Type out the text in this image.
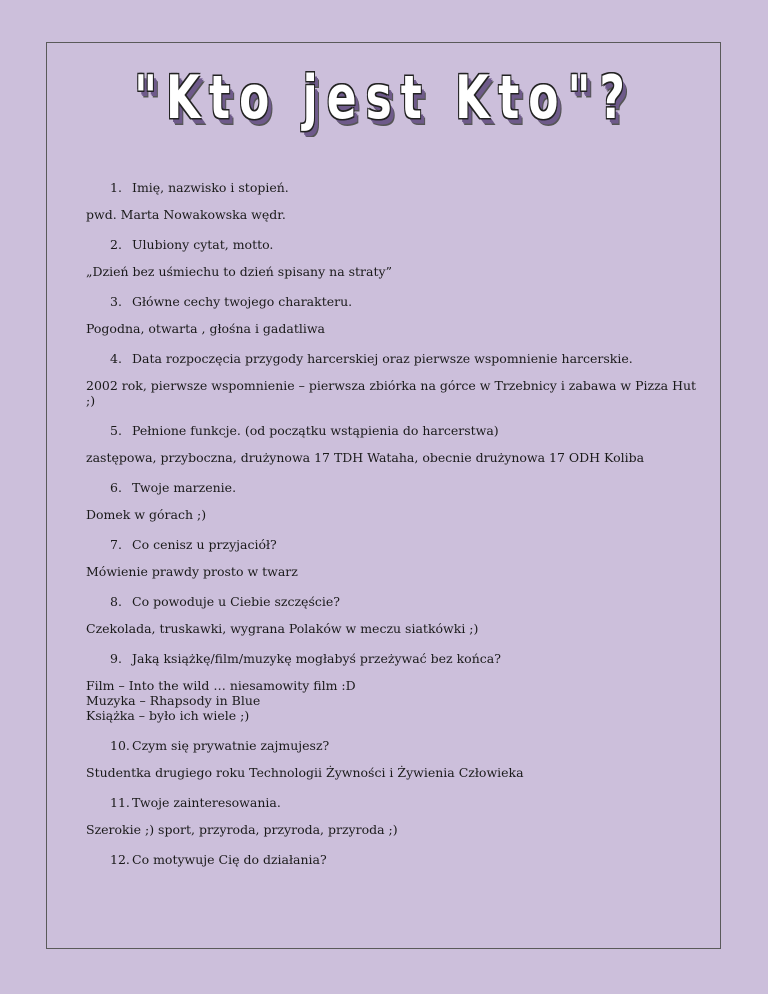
"Kto jest Kto"?
1. Imię, nazwisko i stopień.
pwd. Marta Nowakowska wędr.
2. Ulubiony cytat, motto.
„Dzień bez uśmiechu to dzień spisany na straty”
3. Główne cechy twojego charakteru.
Pogodna, otwarta , głośna i gadatliwa
4. Data rozpoczęcia przygody harcerskiej oraz pierwsze wspomnienie harcerskie.
2002 rok, pierwsze wspomnienie – pierwsza zbiórka na górce w Trzebnicy i zabawa w Pizza Hut ;)
5. Pełnione funkcje. (od początku wstąpienia do harcerstwa)
zastępowa, przyboczna, drużynowa 17 TDH Wataha, obecnie drużynowa 17 ODH Koliba
6. Twoje marzenie.
Domek w górach ;)
7. Co cenisz u przyjaciół?
Mówienie prawdy prosto w twarz
8. Co powoduje u Ciebie szczęście?
Czekolada, truskawki, wygrana Polaków w meczu siatkówki ;)
9. Jaką książkę/film/muzykę mogłabyś przeżywać bez końca?
Film – Into the wild … niesamowity film :D
Muzyka – Rhapsody in Blue
Książka – było ich wiele ;)
10. Czym się prywatnie zajmujesz?
Studentka drugiego roku Technologii Żywności i Żywienia Człowieka
11. Twoje zainteresowania.
Szerokie ;) sport, przyroda, przyroda, przyroda ;)
12. Co motywuje Cię do działania?
